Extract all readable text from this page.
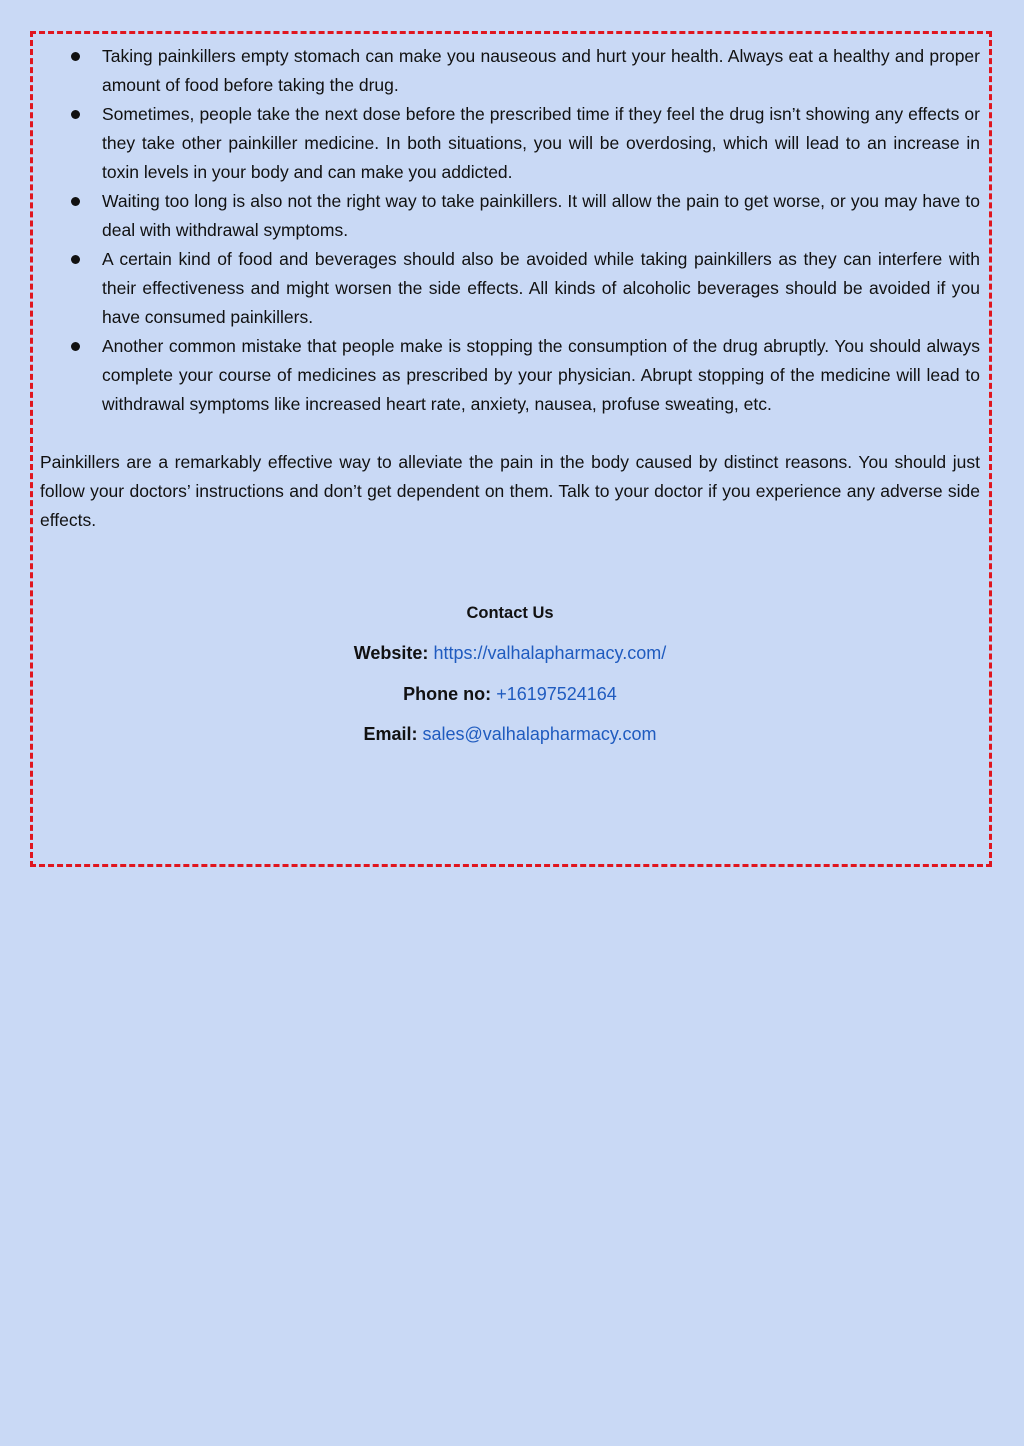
Taking painkillers empty stomach can make you nauseous and hurt your health. Always eat a healthy and proper amount of food before taking the drug.
Sometimes, people take the next dose before the prescribed time if they feel the drug isn’t showing any effects or they take other painkiller medicine. In both situations, you will be overdosing, which will lead to an increase in toxin levels in your body and can make you addicted.
Waiting too long is also not the right way to take painkillers. It will allow the pain to get worse, or you may have to deal with withdrawal symptoms.
A certain kind of food and beverages should also be avoided while taking painkillers as they can interfere with their effectiveness and might worsen the side effects. All kinds of alcoholic beverages should be avoided if you have consumed painkillers.
Another common mistake that people make is stopping the consumption of the drug abruptly. You should always complete your course of medicines as prescribed by your physician. Abrupt stopping of the medicine will lead to withdrawal symptoms like increased heart rate, anxiety, nausea, profuse sweating, etc.

Painkillers are a remarkably effective way to alleviate the pain in the body caused by distinct reasons. You should just follow your doctors’ instructions and don’t get dependent on them. Talk to your doctor if you experience any adverse side effects.

Contact Us
Website: https://valhalapharmacy.com/
Phone no: +16197524164
Email: sales@valhalapharmacy.com
